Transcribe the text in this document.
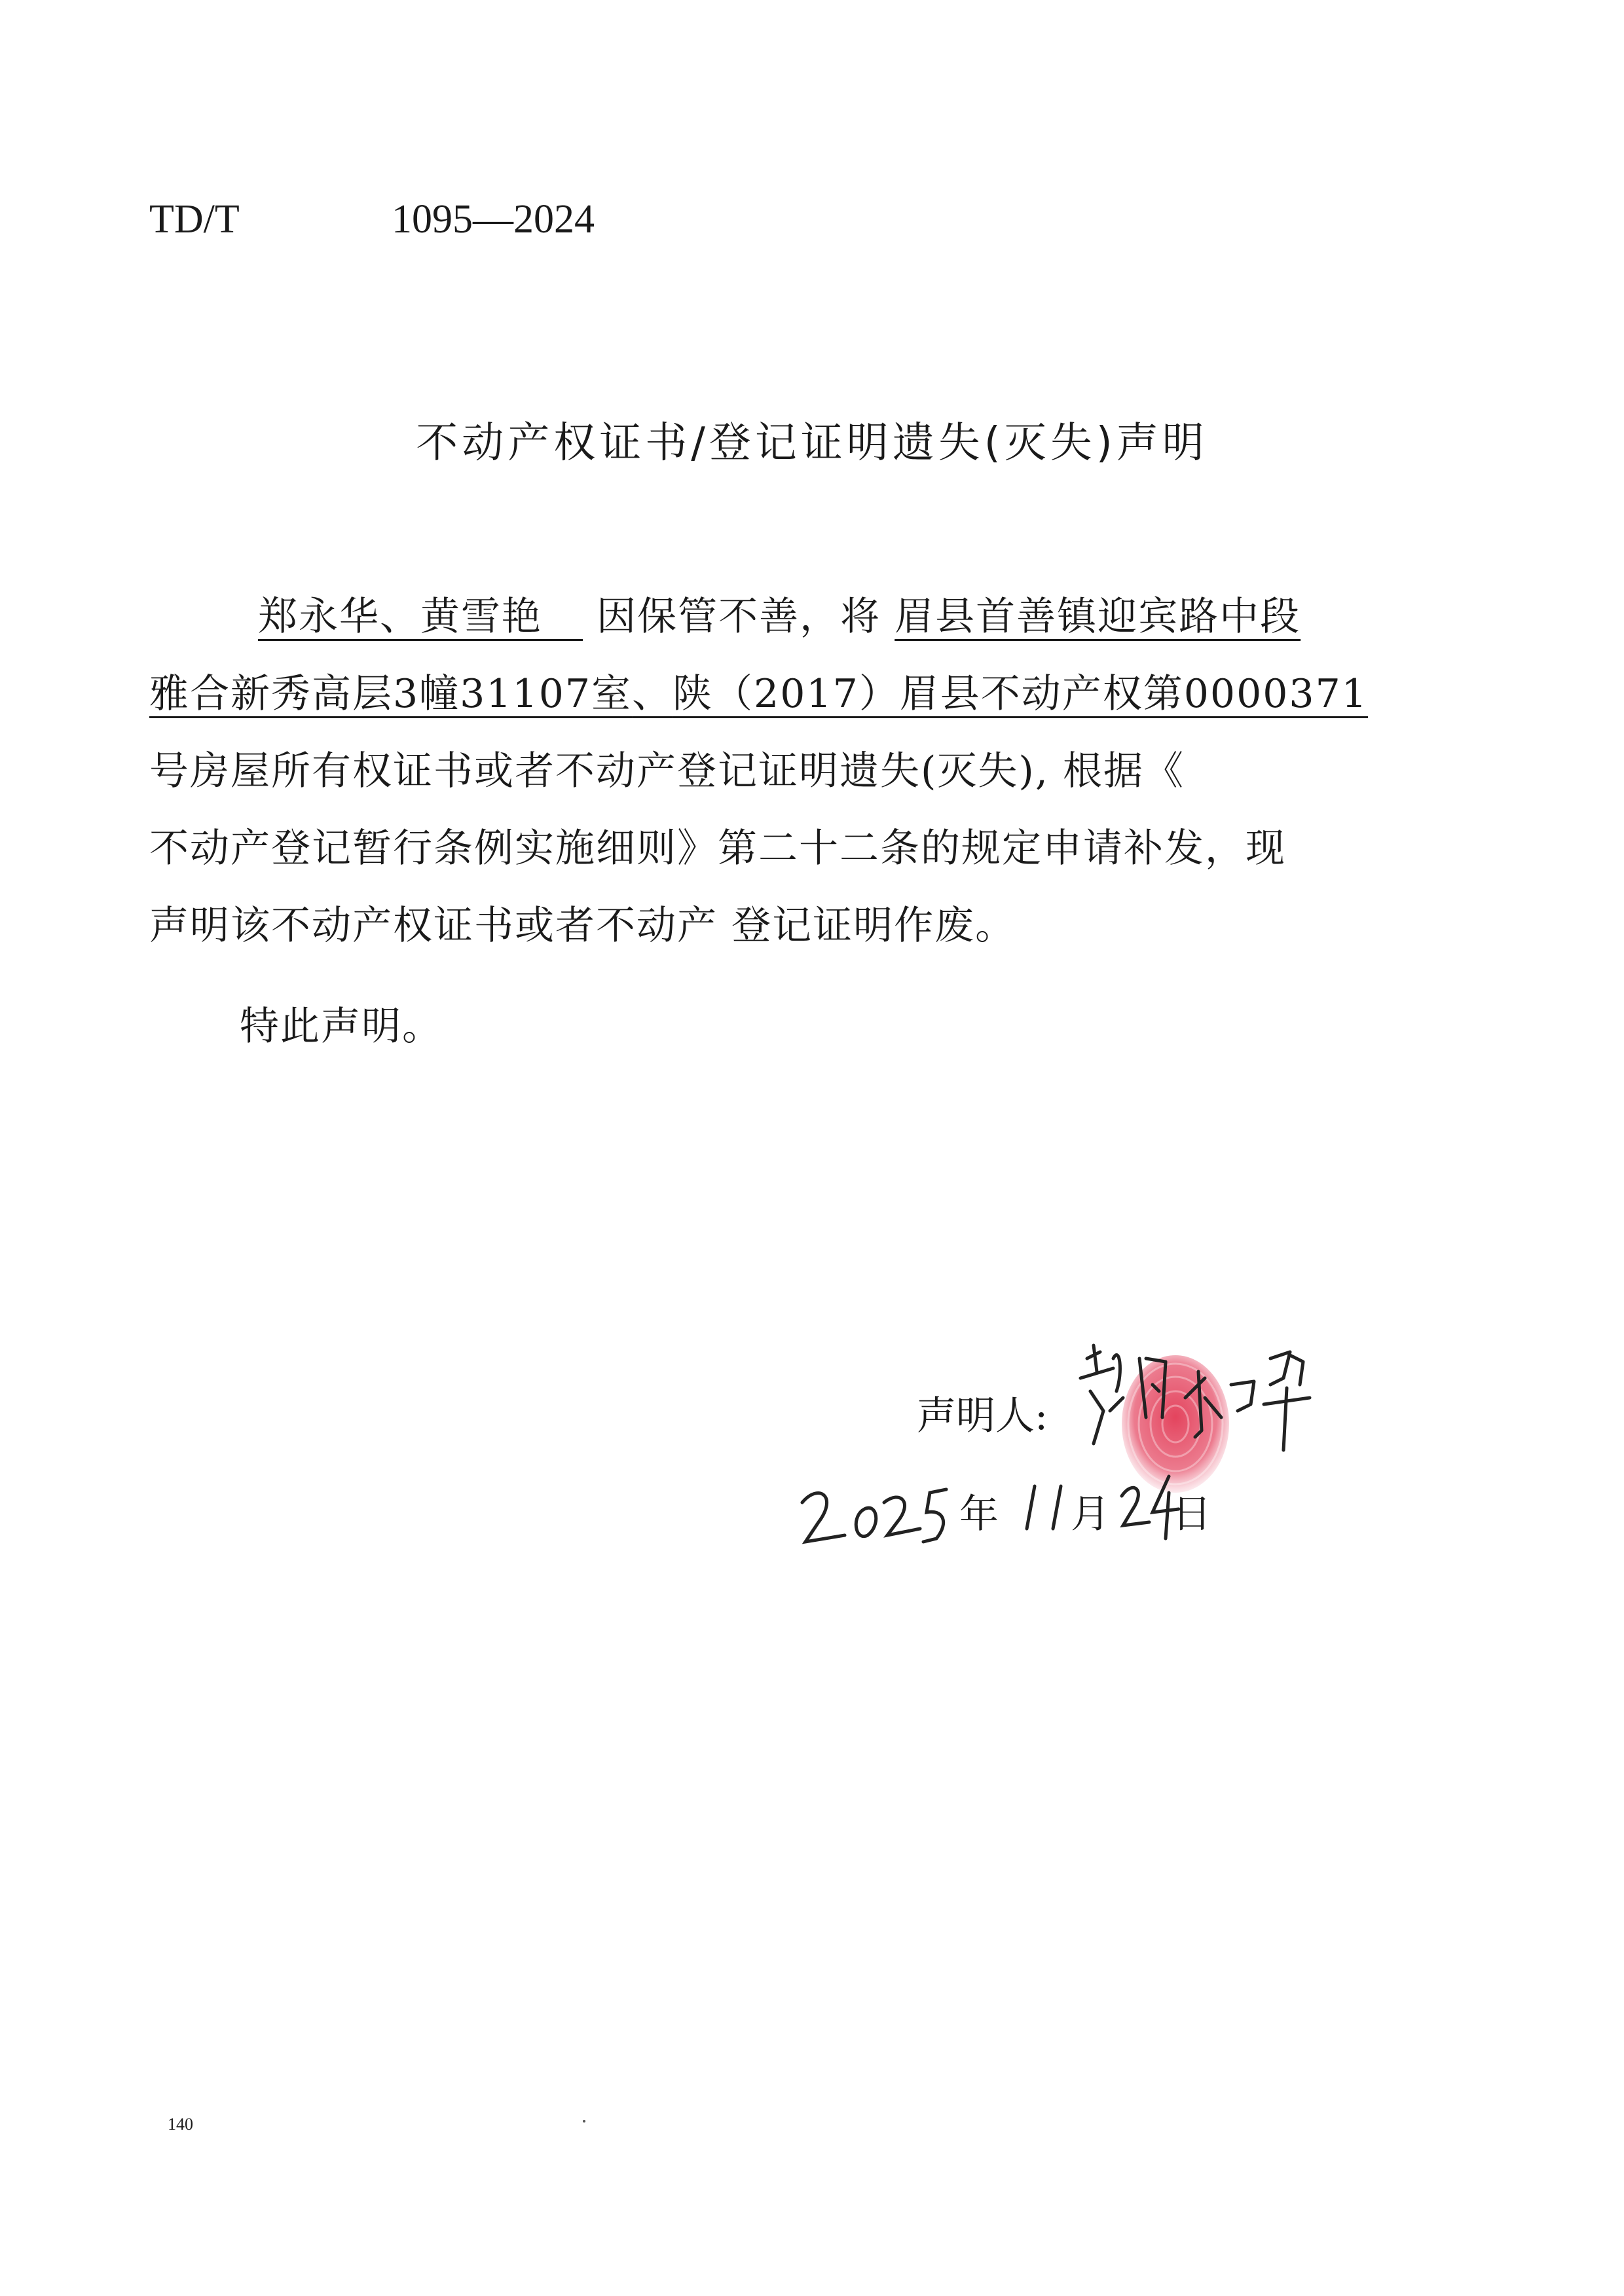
TD/T	1095—2024
不动产权证书/登记证明遗失(灭失)声明
郑永华、黄雪艳  因保管不善，将 眉县首善镇迎宾路中段
雅合新秀高层3幢31107室、陕（2017）眉县不动产权第0000371
号房屋所有权证书或者不动产登记证明遗失(灭失), 根据《
不动产登记暂行条例实施细则》第二十二条的规定申请补发，现
声明该不动产权证书或者不动产 登记证明作废。
特此声明。
声明人:
年 月 日
140
